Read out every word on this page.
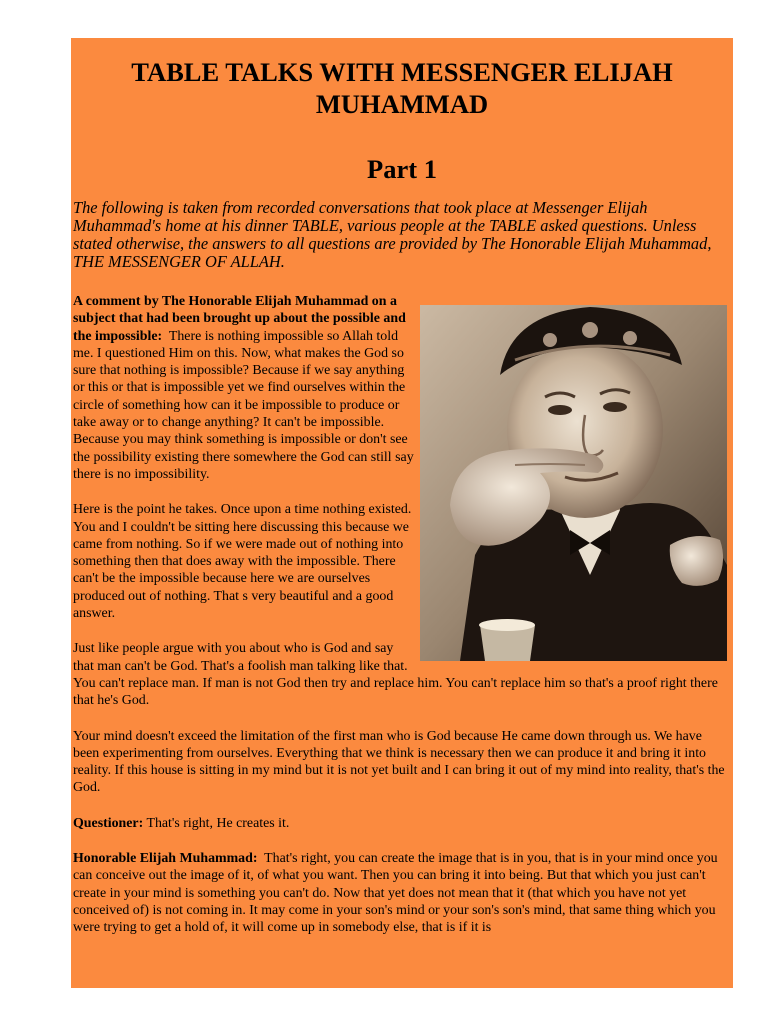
TABLE TALKS WITH MESSENGER ELIJAH MUHAMMAD
Part 1

The following is taken from recorded conversations that took place at Messenger Elijah Muhammad's home at his dinner TABLE, various people at the TABLE asked questions. Unless stated otherwise, the answers to all questions are provided by The Honorable Elijah Muhammad, THE MESSENGER OF ALLAH.

A comment by The Honorable Elijah Muhammad on a subject that had been brought up about the possible and the impossible: There is nothing impossible so Allah told me. I questioned Him on this. Now, what makes the God so sure that nothing is impossible? Because if we say anything or this or that is impossible yet we find ourselves within the circle of something how can it be impossible to produce or take away or to change anything? It can't be impossible. Because you may think something is impossible or don't see the possibility existing there somewhere the God can still say there is no impossibility.

Here is the point he takes. Once upon a time nothing existed. You and I couldn't be sitting here discussing this because we came from nothing. So if we were made out of nothing into something then that does away with the impossible. There can't be the impossible because here we are ourselves produced out of nothing. That s very beautiful and a good answer.

Just like people argue with you about who is God and say that man can't be God. That's a foolish man talking like that. You can't replace man. If man is not God then try and replace him. You can't replace him so that's a proof right there that he's God.

Your mind doesn't exceed the limitation of the first man who is God because He came down through us. We have been experimenting from ourselves. Everything that we think is necessary then we can produce it and bring it into reality. If this house is sitting in my mind but it is not yet built and I can bring it out of my mind into reality, that's the God.

Questioner: That's right, He creates it.

Honorable Elijah Muhammad: That's right, you can create the image that is in you, that is in your mind once you can conceive out the image of it, of what you want. Then you can bring it into being. But that which you just can't create in your mind is something you can't do. Now that yet does not mean that it (that which you have not yet conceived of) is not coming in. It may come in your son's mind or your son's son's mind, that same thing which you were trying to get a hold of, it will come up in somebody else, that is if it is
